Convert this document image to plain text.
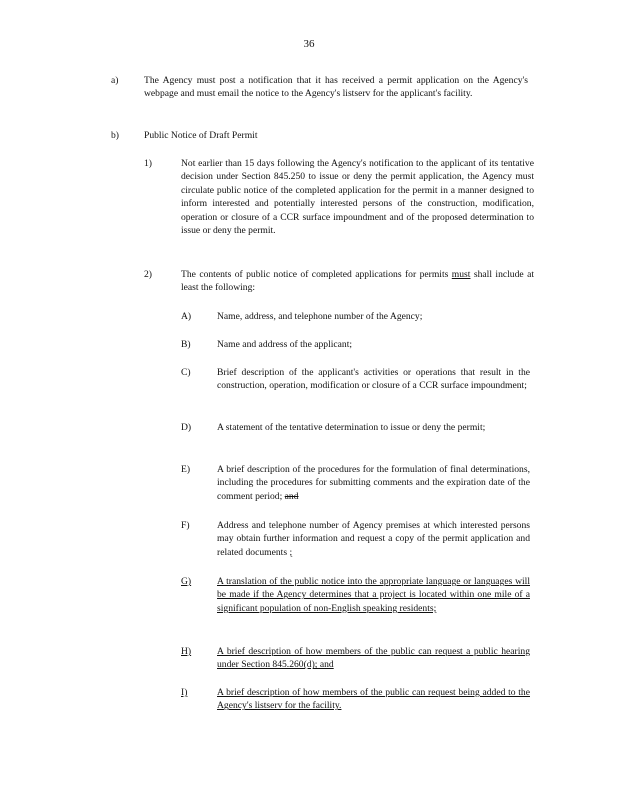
36
a)	The Agency must post a notification that it has received a permit application on the Agency's webpage and must email the notice to the Agency's listserv for the applicant's facility.
b)	Public Notice of Draft Permit
1)	Not earlier than 15 days following the Agency's notification to the applicant of its tentative decision under Section 845.250 to issue or deny the permit application, the Agency must circulate public notice of the completed application for the permit in a manner designed to inform interested and potentially interested persons of the construction, modification, operation or closure of a CCR surface impoundment and of the proposed determination to issue or deny the permit.
2)	The contents of public notice of completed applications for permits must shall include at least the following:
A)	Name, address, and telephone number of the Agency;
B)	Name and address of the applicant;
C)	Brief description of the applicant's activities or operations that result in the construction, operation, modification or closure of a CCR surface impoundment;
D)	A statement of the tentative determination to issue or deny the permit;
E)	A brief description of the procedures for the formulation of final determinations, including the procedures for submitting comments and the expiration date of the comment period; and
F)	Address and telephone number of Agency premises at which interested persons may obtain further information and request a copy of the permit application and related documents ;
G)	A translation of the public notice into the appropriate language or languages will be made if the Agency determines that a project is located within one mile of a significant population of non-English speaking residents;
H)	A brief description of how members of the public can request a public hearing under Section 845.260(d); and
I)	A brief description of how members of the public can request being added to the Agency's listserv for the facility.
